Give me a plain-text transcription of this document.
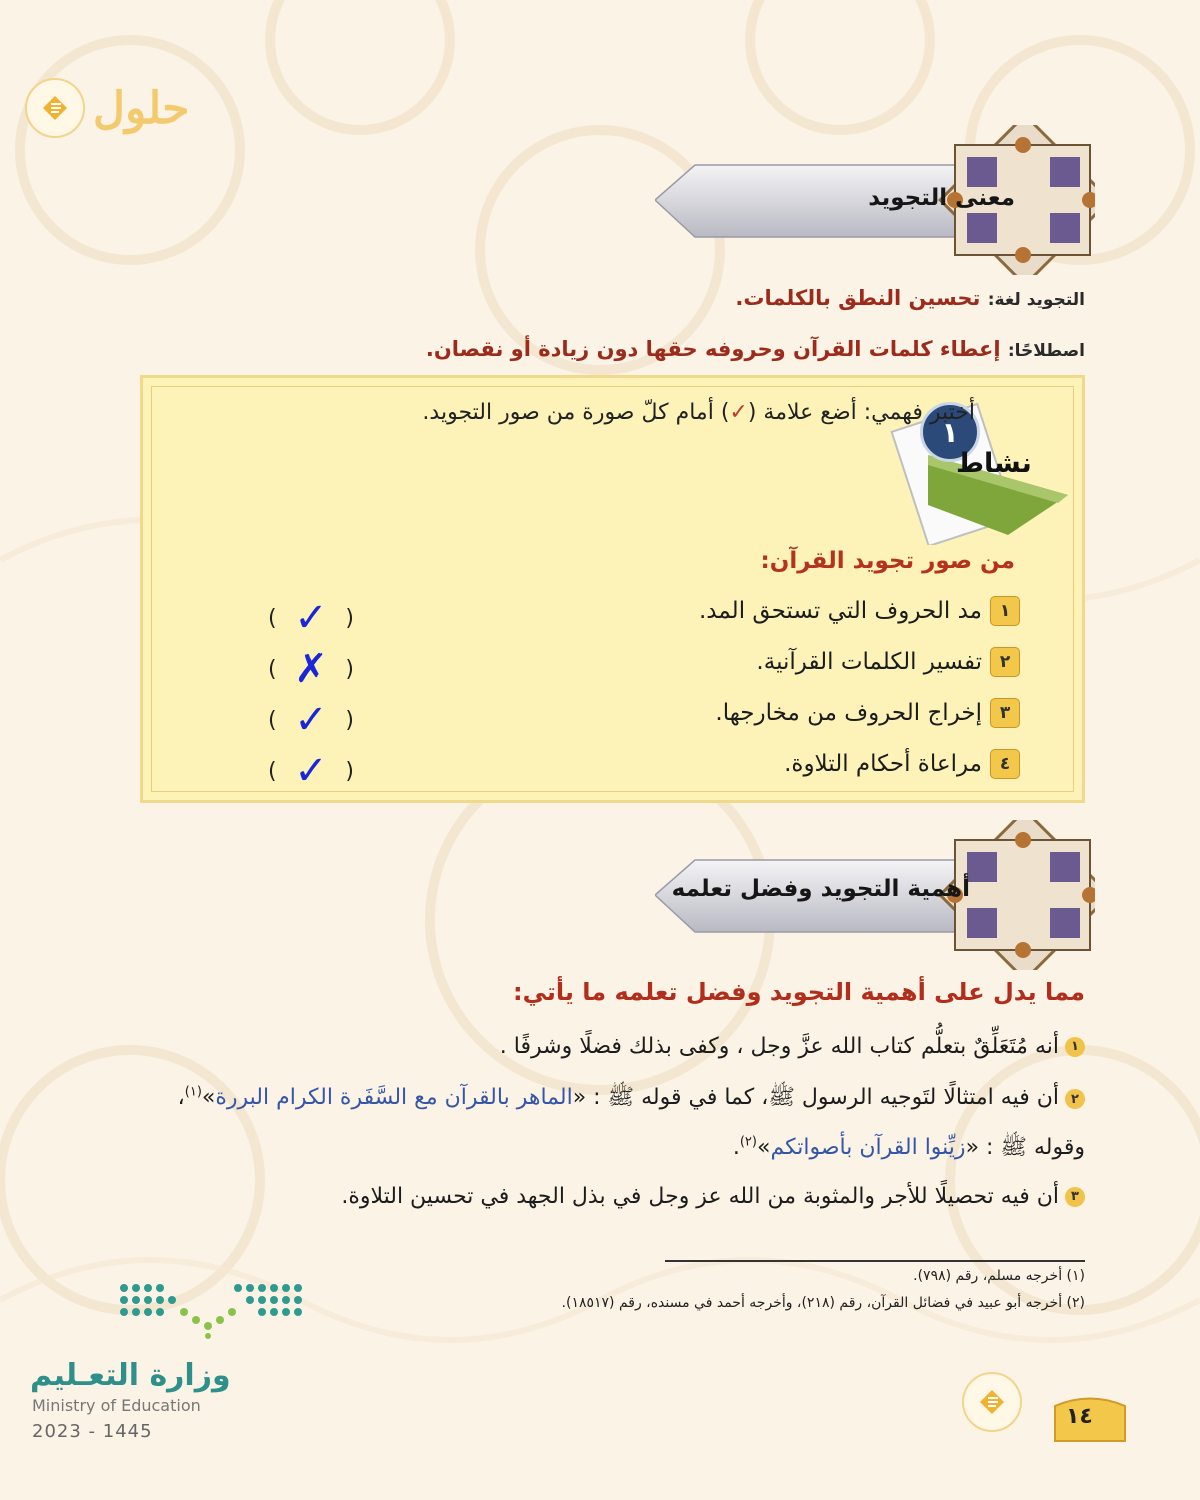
حلول
معنى التجويد
التجويد لغة: تحسين النطق بالكلمات.
اصطلاحًا: إعطاء كلمات القرآن وحروفه حقها دون زيادة أو نقصان.
١
نشاط
أختبر فهمي: أضع علامة (✓) أمام كلّ صورة من صور التجويد.
من صور تجويد القرآن:
١
مد الحروف التي تستحق المد.
( ✓ )
٢
تفسير الكلمات القرآنية.
( ✗ )
٣
إخراج الحروف من مخارجها.
( ✓ )
٤
مراعاة أحكام التلاوة.
( ✓ )
أهمية التجويد وفضل تعلمه
مما يدل على أهمية التجويد وفضل تعلمه ما يأتي:
١
أنه مُتَعَلِّقٌ بتعلُّم كتاب الله عزَّ وجل ، وكفى بذلك فضلًا وشرفًا .
٢
أن فيه امتثالًا لتَوجيه الرسول ﷺ، كما في قوله ﷺ : «الماهر بالقرآن مع السَّفَرة الكرام البررة»$^{(١)}$،
وقوله ﷺ : «زيِّنوا القرآن بأصواتكم»$^{(٢)}$.
٣
أن فيه تحصيلًا للأجر والمثوبة من الله عز وجل في بذل الجهد في تحسين التلاوة.
(١) أخرجه مسلم، رقم (٧٩٨).
(٢) أخرجه أبو عبيد في فضائل القرآن، رقم (٢١٨)، وأخرجه أحمد في مسنده، رقم (١٨٥١٧).
وزارة التعـليم
Ministry of Education
2023 - 1445
١٤
